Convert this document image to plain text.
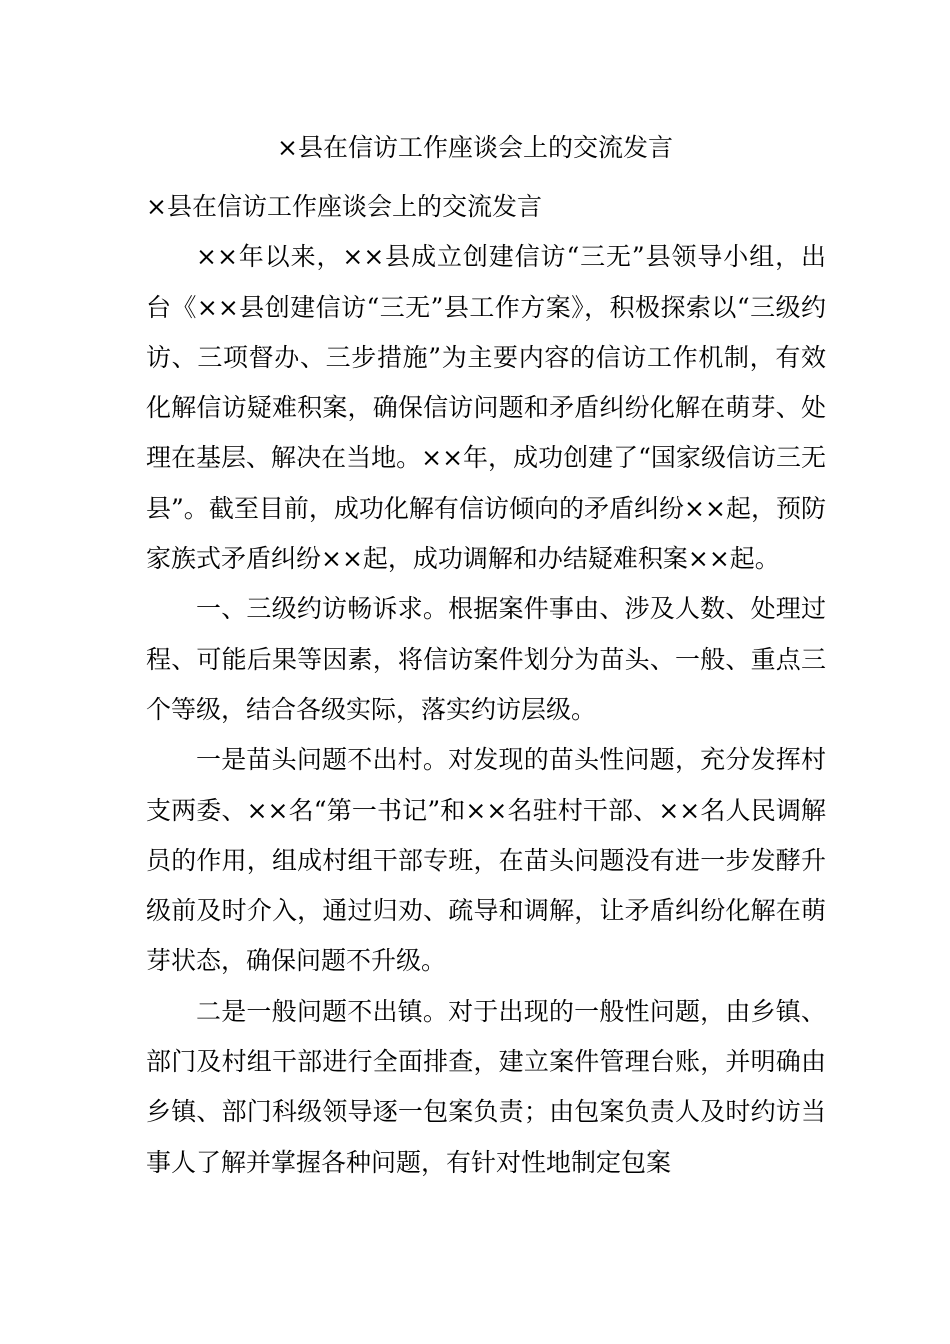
×县在信访工作座谈会上的交流发言

×县在信访工作座谈会上的交流发言

××年以来，××县成立创建信访“三无”县领导小组，出台《××县创建信访“三无”县工作方案》，积极探索以“三级约访、三项督办、三步措施”为主要内容的信访工作机制，有效化解信访疑难积案，确保信访问题和矛盾纠纷化解在萌芽、处理在基层、解决在当地。××年，成功创建了“国家级信访三无县”。截至目前，成功化解有信访倾向的矛盾纠纷××起，预防家族式矛盾纠纷××起，成功调解和办结疑难积案××起。

一、三级约访畅诉求。根据案件事由、涉及人数、处理过程、可能后果等因素，将信访案件划分为苗头、一般、重点三个等级，结合各级实际，落实约访层级。

一是苗头问题不出村。对发现的苗头性问题，充分发挥村支两委、××名“第一书记”和××名驻村干部、××名人民调解员的作用，组成村组干部专班，在苗头问题没有进一步发酵升级前及时介入，通过归劝、疏导和调解，让矛盾纠纷化解在萌芽状态，确保问题不升级。

二是一般问题不出镇。对于出现的一般性问题，由乡镇、部门及村组干部进行全面排查，建立案件管理台账，并明确由乡镇、部门科级领导逐一包案负责；由包案负责人及时约访当事人了解并掌握各种问题，有针对性地制定包案
